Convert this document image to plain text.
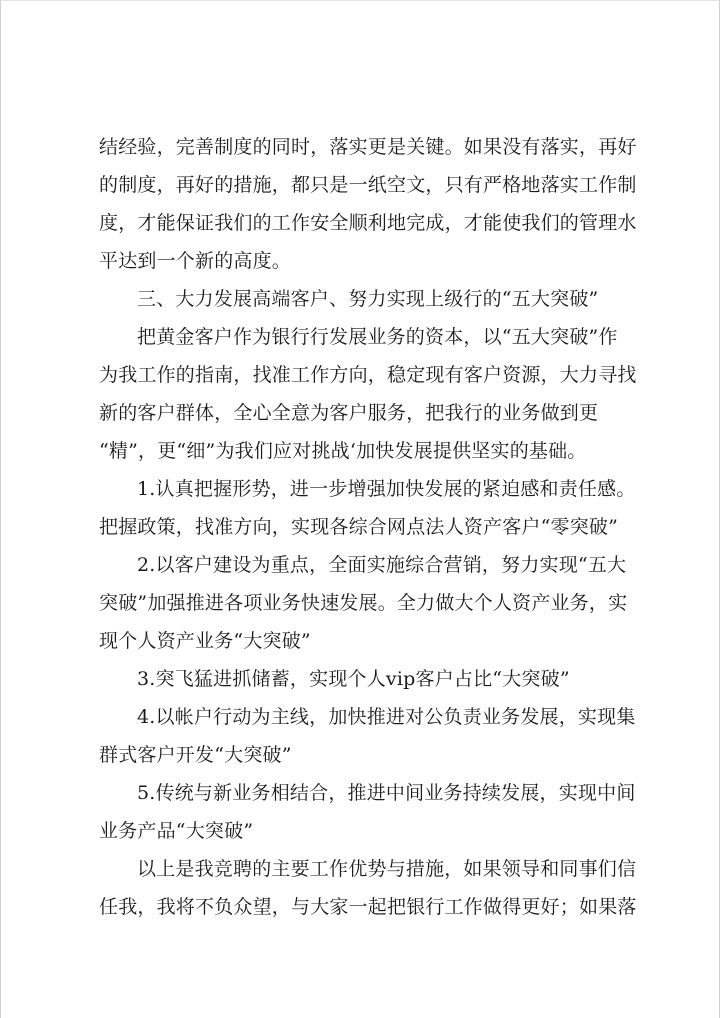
结经验，完善制度的同时，落实更是关键。如果没有落实，再好
的制度，再好的措施，都只是一纸空文，只有严格地落实工作制
度，才能保证我们的工作安全顺利地完成，才能使我们的管理水
平达到一个新的高度。
三、大力发展高端客户、努力实现上级行的“五大突破”
把黄金客户作为银行行发展业务的资本，以“五大突破”作
为我工作的指南，找准工作方向，稳定现有客户资源，大力寻找
新的客户群体，全心全意为客户服务，把我行的业务做到更
“精”，更“细”为我们应对挑战‘加快发展提供坚实的基础。
1.认真把握形势，进一步增强加快发展的紧迫感和责任感。
把握政策，找准方向，实现各综合网点法人资产客户“零突破”
2.以客户建设为重点，全面实施综合营销，努力实现“五大
突破”加强推进各项业务快速发展。全力做大个人资产业务，实
现个人资产业务“大突破”
3.突飞猛进抓储蓄，实现个人vip客户占比“大突破”
4.以帐户行动为主线，加快推进对公负责业务发展，实现集
群式客户开发“大突破”
5.传统与新业务相结合，推进中间业务持续发展，实现中间
业务产品“大突破”
以上是我竞聘的主要工作优势与措施，如果领导和同事们信
任我，我将不负众望，与大家一起把银行工作做得更好；如果落
